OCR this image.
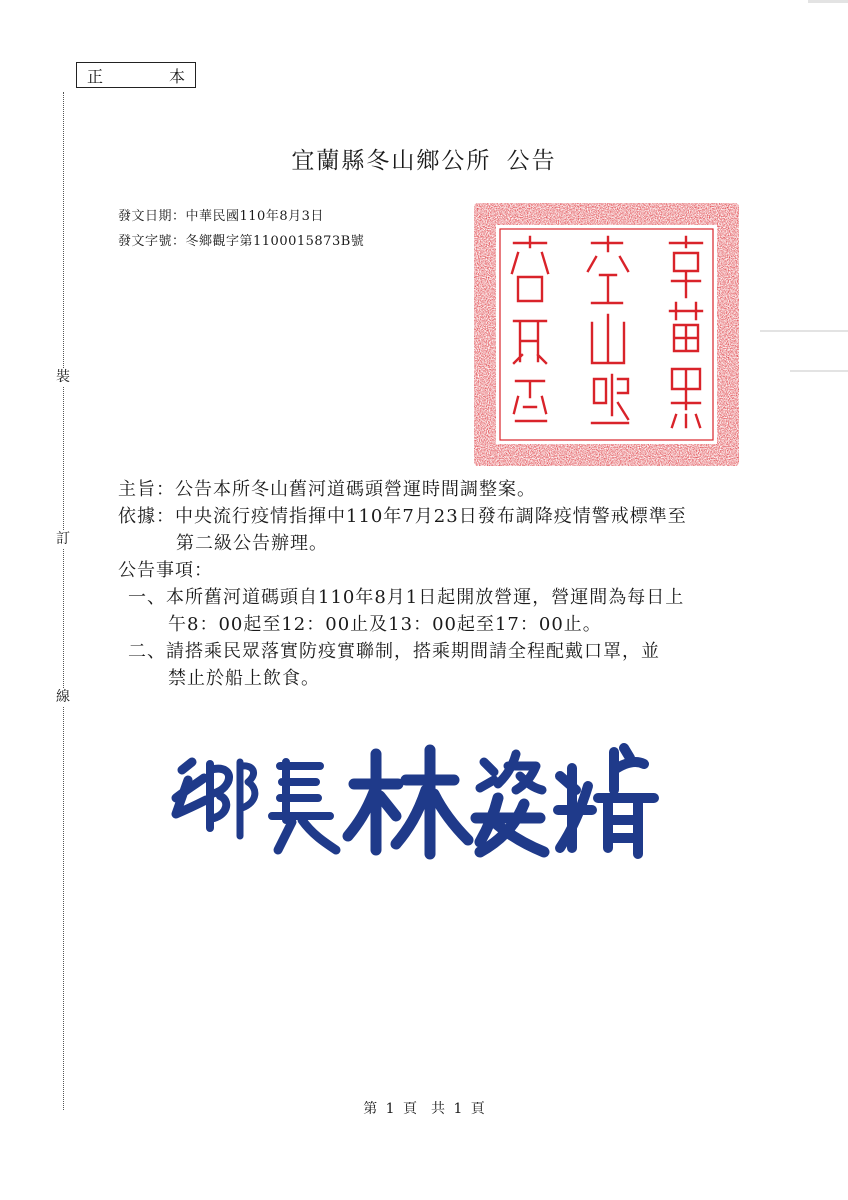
正	本
裝
訂
線
宜蘭縣冬山鄉公所 公告
發文日期：中華民國110年8月3日
發文字號：冬鄉觀字第1100015873B號
主旨：公告本所冬山舊河道碼頭營運時間調整案。
依據：中央流行疫情指揮中110年7月23日發布調降疫情警戒標準至
第二級公告辦理。
公告事項：
一、本所舊河道碼頭自110年8月1日起開放營運，營運間為每日上
午8：00起至12：00止及13：00起至17：00止。
二、請搭乘民眾落實防疫實聯制，搭乘期間請全程配戴口罩，並
禁止於船上飲食。
第 1 頁　共 1 頁
